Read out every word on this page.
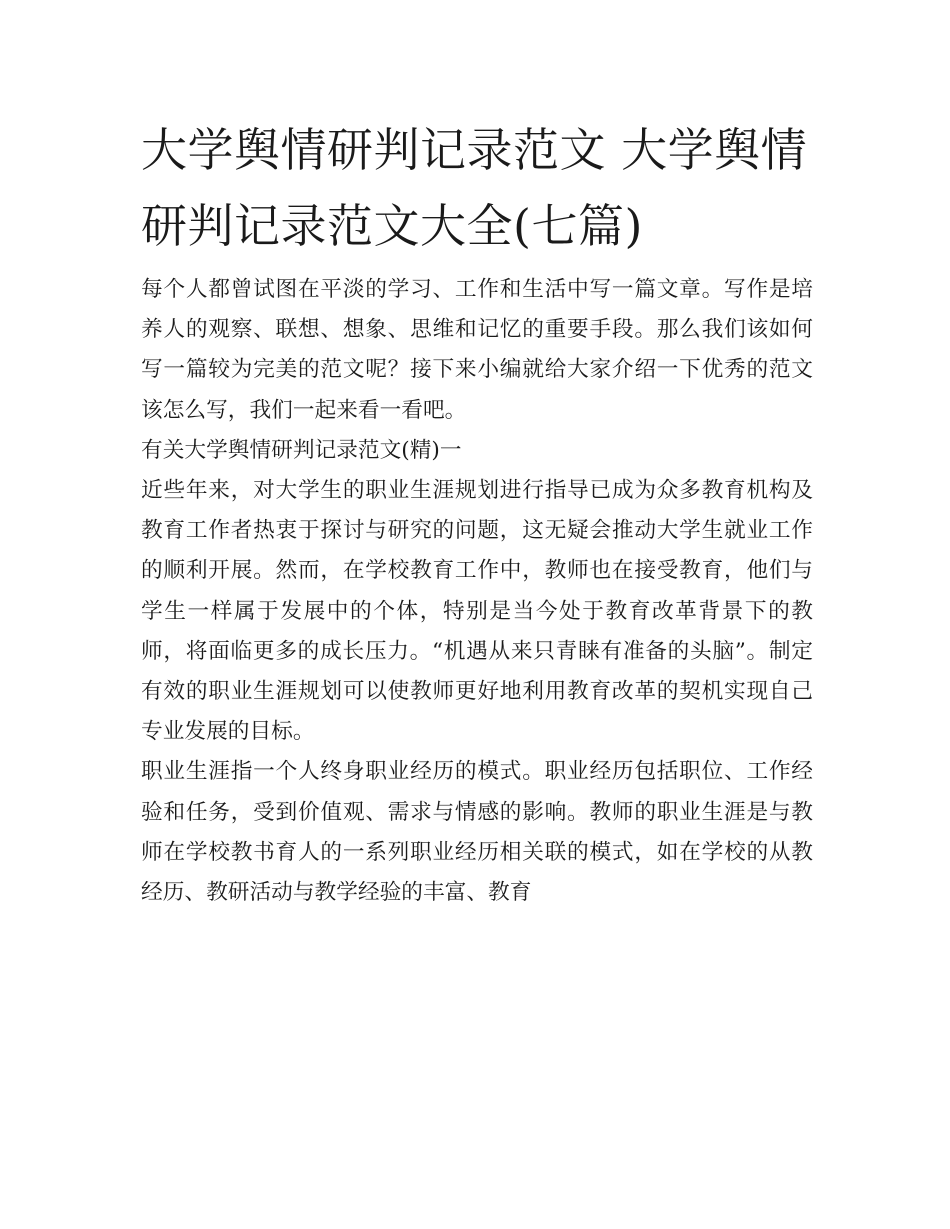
大学舆情研判记录范文 大学舆情研判记录范文大全(七篇)

每个人都曾试图在平淡的学习、工作和生活中写一篇文章。写作是培养人的观察、联想、想象、思维和记忆的重要手段。那么我们该如何写一篇较为完美的范文呢？接下来小编就给大家介绍一下优秀的范文该怎么写，我们一起来看一看吧。

有关大学舆情研判记录范文(精)一

近些年来，对大学生的职业生涯规划进行指导已成为众多教育机构及教育工作者热衷于探讨与研究的问题，这无疑会推动大学生就业工作的顺利开展。然而，在学校教育工作中，教师也在接受教育，他们与学生一样属于发展中的个体，特别是当今处于教育改革背景下的教师，将面临更多的成长压力。“机遇从来只青睐有准备的头脑”。制定有效的职业生涯规划可以使教师更好地利用教育改革的契机实现自己专业发展的目标。

职业生涯指一个人终身职业经历的模式。职业经历包括职位、工作经验和任务，受到价值观、需求与情感的影响。教师的职业生涯是与教师在学校教书育人的一系列职业经历相关联的模式，如在学校的从教经历、教研活动与教学经验的丰富、教育
